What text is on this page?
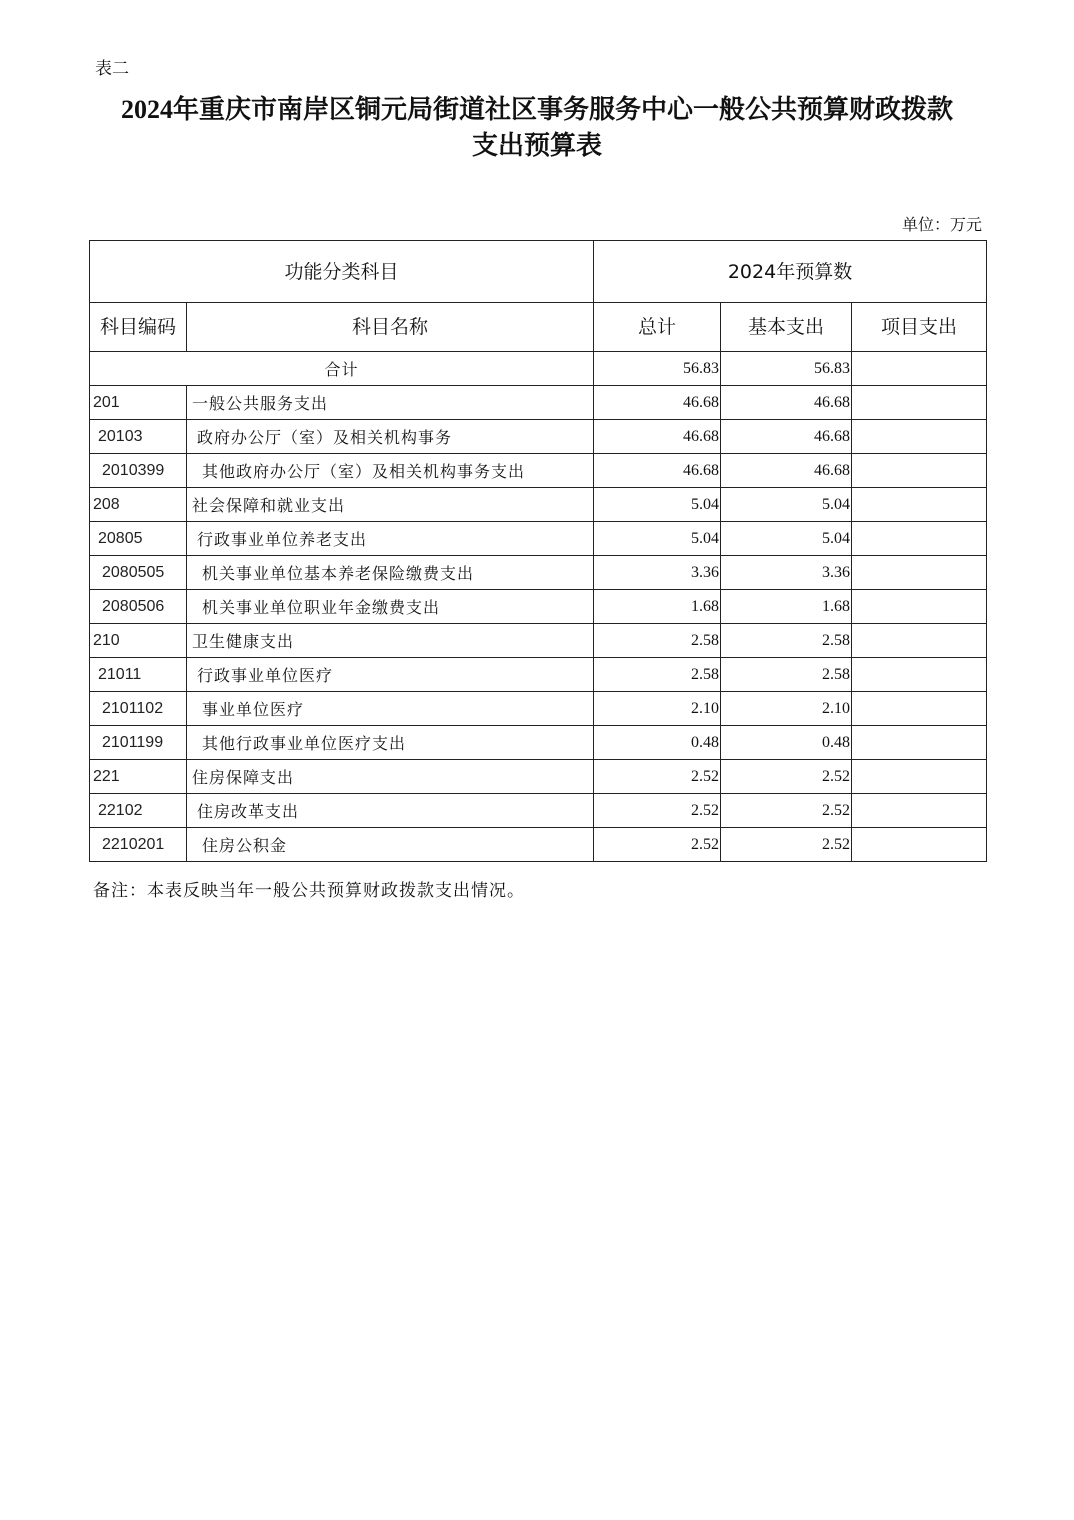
表二
2024年重庆市南岸区铜元局街道社区事务服务中心一般公共预算财政拨款
支出预算表
单位：万元
功能分类科目		2024年预算数		
科目编码	科目名称	总计	基本支出	项目支出
合计		56.83	56.83	
201	一般公共服务支出	46.68	46.68	
20103	政府办公厅（室）及相关机构事务	46.68	46.68	
2010399	其他政府办公厅（室）及相关机构事务支出	46.68	46.68	
208	社会保障和就业支出	5.04	5.04	
20805	行政事业单位养老支出	5.04	5.04	
2080505	机关事业单位基本养老保险缴费支出	3.36	3.36	
2080506	机关事业单位职业年金缴费支出	1.68	1.68	
210	卫生健康支出	2.58	2.58	
21011	行政事业单位医疗	2.58	2.58	
2101102	事业单位医疗	2.10	2.10	
2101199	其他行政事业单位医疗支出	0.48	0.48	
221	住房保障支出	2.52	2.52	
22102	住房改革支出	2.52	2.52	
2210201	住房公积金	2.52	2.52	
备注：本表反映当年一般公共预算财政拨款支出情况。
